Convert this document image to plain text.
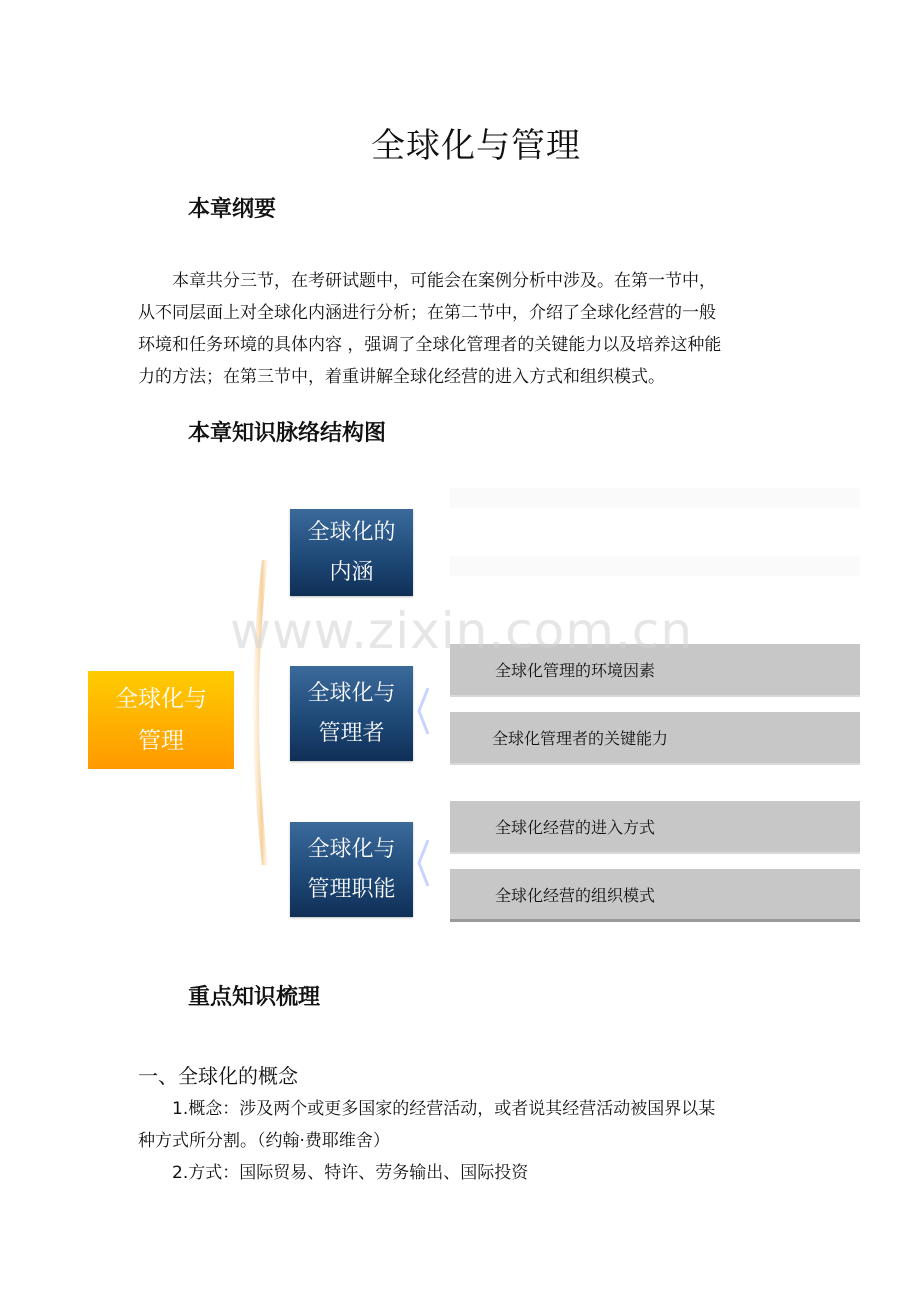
全球化与管理
本章纲要
本章共分三节，在考研试题中，可能会在案例分析中涉及。在第一节中，
从不同层面上对全球化内涵进行分析；在第二节中，介绍了全球化经营的一般
环境和任务环境的具体内容 ，强调了全球化管理者的关键能力以及培养这种能
力的方法；在第三节中，着重讲解全球化经营的进入方式和组织模式。
本章知识脉络结构图
全球化与
管理
全球化的
内涵
全球化与
管理者
全球化与
管理职能
全球化管理的环境因素
全球化管理者的关键能力
全球化经营的进入方式
全球化经营的组织模式
www.zixin.com.cn
重点知识梳理
一、全球化的概念
1.概念：涉及两个或更多国家的经营活动，或者说其经营活动被国界以某
种方式所分割。（约翰·费耶维舍）
2.方式：国际贸易、特许、劳务输出、国际投资
